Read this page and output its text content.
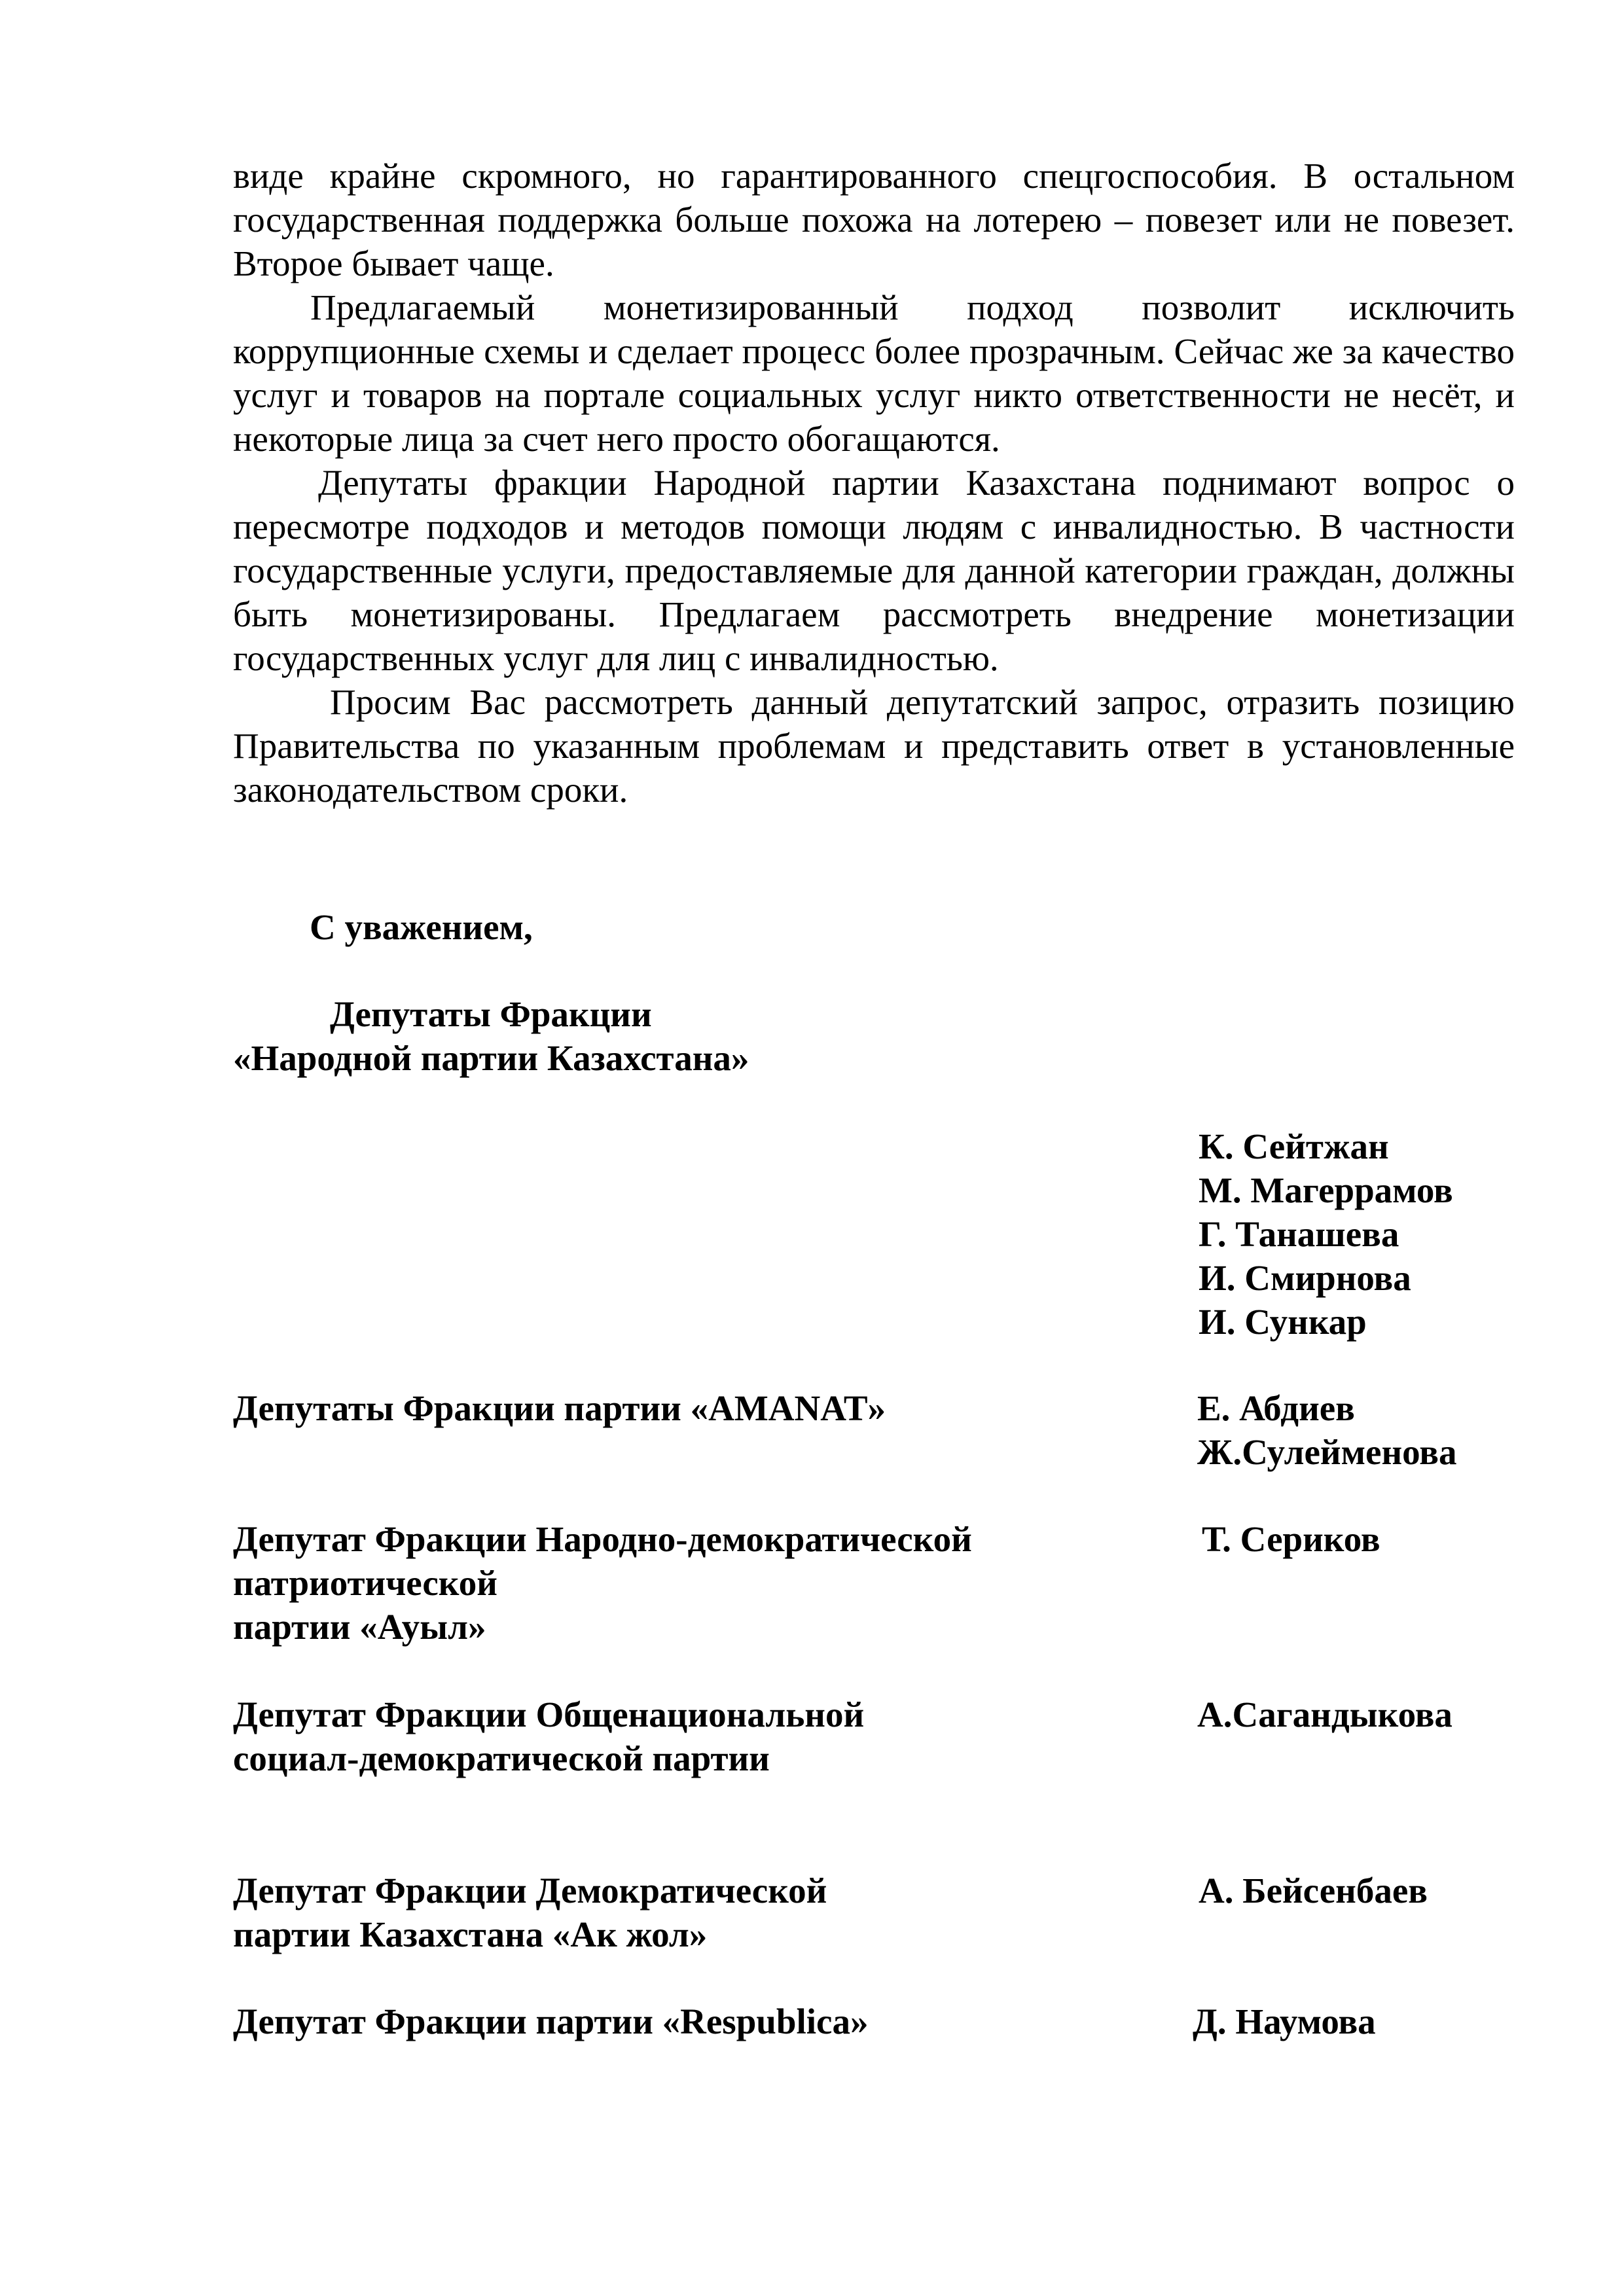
виде крайне скромного, но гарантированного спецгоспособия. В остальном государственная поддержка больше похожа на лотерею – повезет или не повезет. Второе бывает чаще.

Предлагаемый монетизированный подход позволит исключить коррупционные схемы и сделает процесс более прозрачным. Сейчас же за качество услуг и товаров на портале социальных услуг никто ответственности не несёт, и некоторые лица за счет него просто обогащаются.

Депутаты фракции Народной партии Казахстана поднимают вопрос о пересмотре подходов и методов помощи людям с инвалидностью. В частности государственные услуги, предоставляемые для данной категории граждан, должны быть монетизированы. Предлагаем рассмотреть внедрение монетизации государственных услуг для лиц с инвалидностью.

Просим Вас рассмотреть данный депутатский запрос, отразить позицию Правительства по указанным проблемам и представить ответ в установленные законодательством сроки.

С уважением,
Депутаты Фракции
«Народной партии Казахстана»
К. Сейтжан
М. Магеррамов
Г. Танашева
И. Смирнова
И. Сункар
Депутаты Фракции партии «AMANAT»	Е. Абдиев
Ж.Сулейменова
Депутат Фракции Народно-демократической
патриотической
партии «Ауыл»
Т. Сериков
Депутат Фракции Общенациональной
социал-демократической партии
А.Сагандыкова
Депутат Фракции Демократической
партии Казахстана «Ак жол»
А. Бейсенбаев
Депутат Фракции партии «Respublica»	Д. Наумова
